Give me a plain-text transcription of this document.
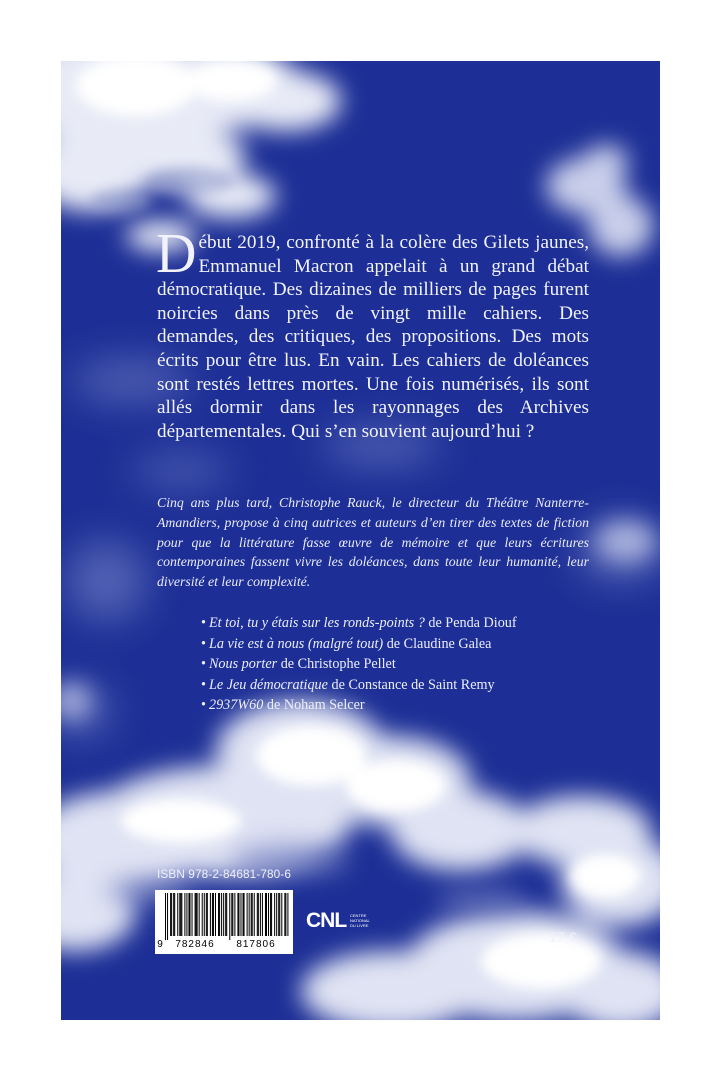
Début 2019, confronté à la colère des Gilets jaunes, Emmanuel Macron appelait à un grand débat démocratique. Des dizaines de milliers de pages furent noircies dans près de vingt mille cahiers. Des demandes, des critiques, des propositions. Des mots écrits pour être lus. En vain. Les cahiers de doléances sont restés lettres mortes. Une fois numérisés, ils sont allés dormir dans les rayonnages des Archives départementales. Qui s’en souvient aujourd’hui ?

Cinq ans plus tard, Christophe Rauck, le directeur du Théâtre Nanterre-Amandiers, propose à cinq autrices et auteurs d’en tirer des textes de fiction pour que la littérature fasse œuvre de mémoire et que leurs écritures contemporaines fassent vivre les doléances, dans toute leur humanité, leur diversité et leur complexité.

• Et toi, tu y étais sur les ronds-points ? de Penda Diouf
• La vie est à nous (malgré tout) de Claudine Galea
• Nous porter de Christophe Pellet
• Le Jeu démocratique de Constance de Saint Remy
• 2937W60 de Noham Selcer
ISBN 978-2-84681-780-6
9	782846	817806
CNL CENTRE NATIONAL DU LIVRE
17 €
